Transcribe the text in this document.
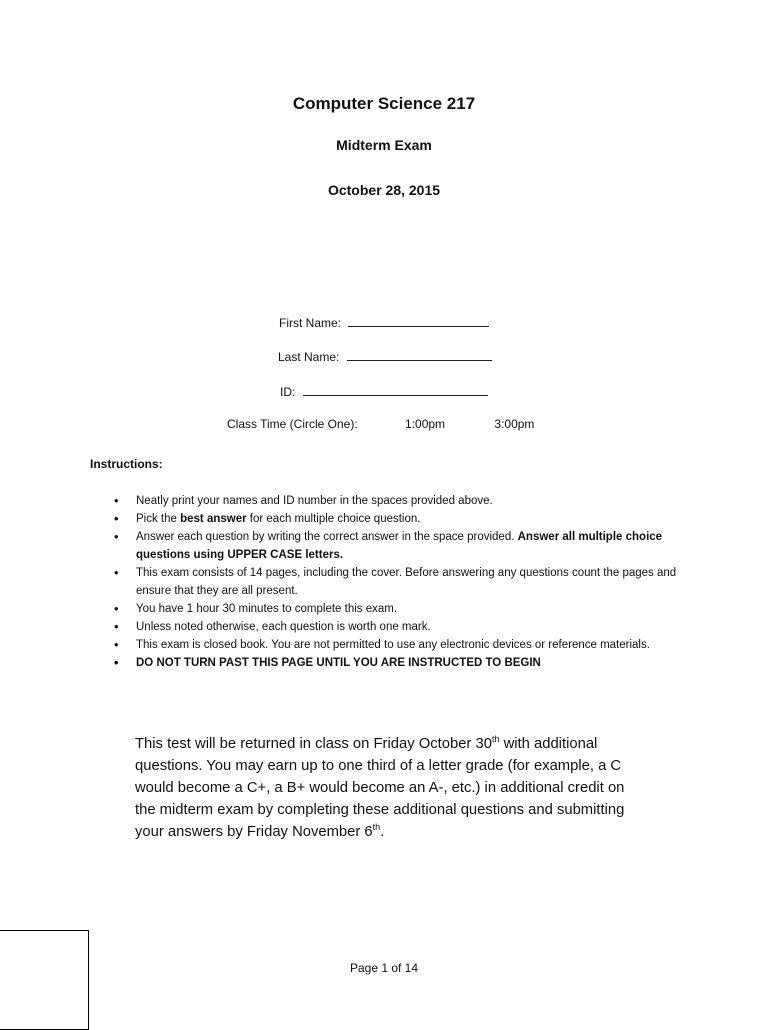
Computer Science 217
Midterm Exam
October 28, 2015
First Name:
Last Name:
ID:
Class Time (Circle One):	1:00pm	3:00pm
Instructions:
• Neatly print your names and ID number in the spaces provided above.
• Pick the best answer for each multiple choice question.
• Answer each question by writing the correct answer in the space provided. Answer all multiple choice questions using UPPER CASE letters.
• This exam consists of 14 pages, including the cover. Before answering any questions count the pages and ensure that they are all present.
• You have 1 hour 30 minutes to complete this exam.
• Unless noted otherwise, each question is worth one mark.
• This exam is closed book. You are not permitted to use any electronic devices or reference materials.
• DO NOT TURN PAST THIS PAGE UNTIL YOU ARE INSTRUCTED TO BEGIN
This test will be returned in class on Friday October 30th with additional questions. You may earn up to one third of a letter grade (for example, a C would become a C+, a B+ would become an A-, etc.) in additional credit on the midterm exam by completing these additional questions and submitting your answers by Friday November 6th.
Page 1 of 14
